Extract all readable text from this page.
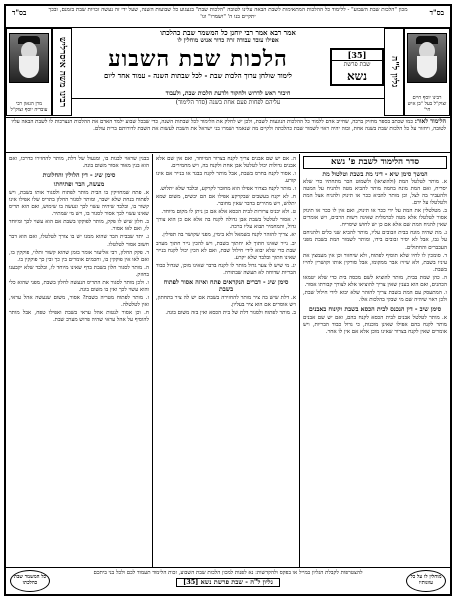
בס"ד
מכון "הלכות שבת השבוע" - ללימוד כל ההלכות המתאימות לשבת הבאה עלינו לטובה "הלכות שבת" בגעגוע כל שבועות השנה, שעל ידי זה נעשה זכויות שבת בזמנם, ובכך יתקיים בנו ה' "ושמרו" וגו'
בס"ד
רבינו יוסף חיים זצוק"ל בעל "בן איש חי"
גליון ל"ה
מרן הגאון רבי עובדיה יוסף זצוק"ל
רבינו משה איסרליש
אמר רבא אמר רבי יוחנן כל המשמר שבת כהלכתו
אפילו עובד עבודה זרה כדור אנוש מוחלין לו
[35]
שבת פרשת
נשא
הלכות שבת השבוע
לימוד שולחן ערוך הלכות שבת - לכל שבתות השנה - עמוד אחד ליום
חיבור ראש לדרוש ולחקור ולדעת הלכות שבת, ולעבוד
עליהם לפחות פעם אחת בשנה (סדר הלימוד)
הלימוד לאור: כמו שכתב בספר מחזיק ברכה, שחייב אדם ללמוד כל ההלכות הנוגעות לשבת, ולכן יש לחלק את הלימוד לכל שבתות השנה, כדי שבכל שבוע ילמד האדם את ההלכות הנצרכות לו לשבת הבאה עליו לטובה, ויחזור על כל הלכות שבת בשנה אחת, ובזה יהיה ראוי לשמור שבת כהלכתה ולקיים מה שנאמר ושמרו בני ישראל את השבת לעשות את השבת לדורותם ברית עולם.
סדר הלימוד לשבת פ' נשא
המשך סימן שיא - דיני מת בשבת וטלטול מת

א. מותר לטלטל המת (ולהוציאו) ולשמוט הכר מתחתיו כדי שלא יסריח, ואם המת מונח בחמה מותר להביא מטה ולהניח על המטה ולהעביר בה לצל, וכן מותר להביא ככר או תינוק ולהניח אצל המת ולטלטלו על ידם.

ב. מטלטלין את המת על ידי ככר או תינוק, ואם אין לו ככר או תינוק אסור לטלטלו אלא מטה לכרמלית שאינה רשות הרבים, ויש אומרים שאין להניח המת שם אלא אם כן יש לחוש שיסריח.

ג. מת שהיה מונח בבית וזבובים עליו, מותר להביא שני כלים ולהניחם על גבו, אבל לא יסיר זבובים בידו, ומותר לשמור המת בשבת מפני העכברים והחתולים.

ד. סומכין לו לחיו שלא תוסיף לפתוח, ולא שיחזור וכן אין מעמצין את עיניו בשבת, ולא שיזיז אבר ממקומו, אבל סורקין אותו וקושרין לחייו בשבת.

ה. כהן שמת בבית, מותר להוציא לשם מכסה בית כדי שלא יטמאו הכהנים, ואם הוא בענין שאין צריך להוציאו אלא לצורך קבורתו אסור.

ו. המתעסק עם המת בשבת צריך להזהר שלא יבוא לידי חילול שבת, ולכן ראוי שיהיה שם מי שבקי בהלכות אלו.

סימן שיב - דין הנכנס לבית הכסא בשבת וקינוח באבנים

א. מותר לטלטל אבנים לבית הכסא לקנח בהם, ואם יש שם אבנים מותר לקנח בהם אפילו שאינן מוכנות, כי גדול כבוד הבריות, ויש אומרים שאין לקנח בצרור שאינו מוכן אלא אם אין לו אחר.

ה. אם יש שם אבנים צריך לקנח בצרור המיוחד, ואם אין שם אלא אבנים גדולות יכול לטלטל אבן אחת ולקנח בה, ויש מחמירים.

ו. אסור לקנח בחרס בשבת, אבל מותר לקנח בבגד או בנייר אם אינו קורע.

ז. מותר לקנח בצרור אפילו הוא מחובר לקרקע, ובלבד שלא יתלוש.

ח. לא יקנח בעשבים שבקרקע אפילו אם הם יבשים, משום שמא יתלוש, ויש מתירים בדבר שאין מחובר.

ט. ולא יכניס צרורות לבית הכסא אלא אם כן ניתן לו מקום מיוחד.

י. אסור לטלטל בשבת אבן גדולה לקנח בה אלא אם כן הוא צורך גדול, והמחמיר תבוא עליו ברכה.

יא. צריך להזהר לקנח בשמאל ולא בימין, מפני שקושר בה תפילין.

יב. נייר שאינו חתוך לא יחתוך בשבת, ויש להכין נייר חתוך מערב שבת כדי שלא יבוא לידי חילול שבת, ואם לא הכין יכול לקנח בנייר שאינו חתוך ובלבד שלא יקרע.

יג. מי שיש לו צער גדול מותר לו לקנח בדבר שאינו מוכן, שגדול כבוד הבריות שדוחה לא תעשה שבתורה.

סימן שיג - דברים הנקראים פתח ואיזה אסור לפתוח בשבת

א. דלת שיש בה ציר מותר להחזירה בשבת אם יש לה ציר בתחתון, ויש אוסרים אם הוא ציר בעליון.

ב. מותר לפתוח ולסגור דלת של בית הכסא ואין בזה משום בונה.

בבנין שראוי לבנות בו, ומנעול של דלת, מותר להחזירו כדרכו, ואם הוא בנין מאוד אסור משום בונה.

סימן שיג - דין הלולין והחלונות
מעשה, הבר ופתיחתו

א. פתח שמחזיקין בו הבית מותר לפתוח ולסגור אותו בשבת, ויש לפתוח בנחת שלא ישבר, ומותר לסגור החלון בתריס שלו אפילו אינו קשור בו, ובלבד שיהיה עשוי לכך ונעשה בו שימוש, ואם הוא תריס שאינו עשוי לכך אסור לסגור בו, ויש מי שמתיר.

ב. חלון שיש לו פקק, מותר לפוקקו בשבת אם הוא עשוי לכך ומיוחד לו, ואם לאו אסור.

ג. יתד שבבית הבד שהוא ממנו יש בו צורך לטלטלו, ואם הוא דבר חשוב אסור לטלטלו.

ד. פקק החלון, רבי אליעזר אומר בזמן שהוא קשור ותלוי, פוקקין בו, ואם לאו אין פוקקין בו, וחכמים אומרים בין כך ובין כך פוקקין בו.

ה. מותר לסגור חלון בשבת בדף שאינו מיוחד לו, ובלבד שלא יקבענו בחוזק.

ו. ולכן מותר לסגור את התריס הנעשה לחלון בשבת, מפני שהוא כלי והוא עשוי לכך ואין בו משום בונה.

ז. מותר לפתוח מטריה בשבת? אסור, משום שנעשה אהל עראי, ואין לטלטלה.

ח. וכן אסור לנטות אהל עראי בשבת ואפילו טפח, אבל מותר להוסיף על אהל עראי שהיה פרוש מערב שבת.

מוחלין לו על כל עוונותיו
להצטרפות לקבלת הגליון במייל או בפקס ולהקדשות: נא לפנות למכון הלכות שבת השבוע, זכות הלימוד תעמוד לכם ולכל בני ביתכם
גליון ל"ה - שבת פרשת נשא [35]
כל המשמר שבת כהלכתו
